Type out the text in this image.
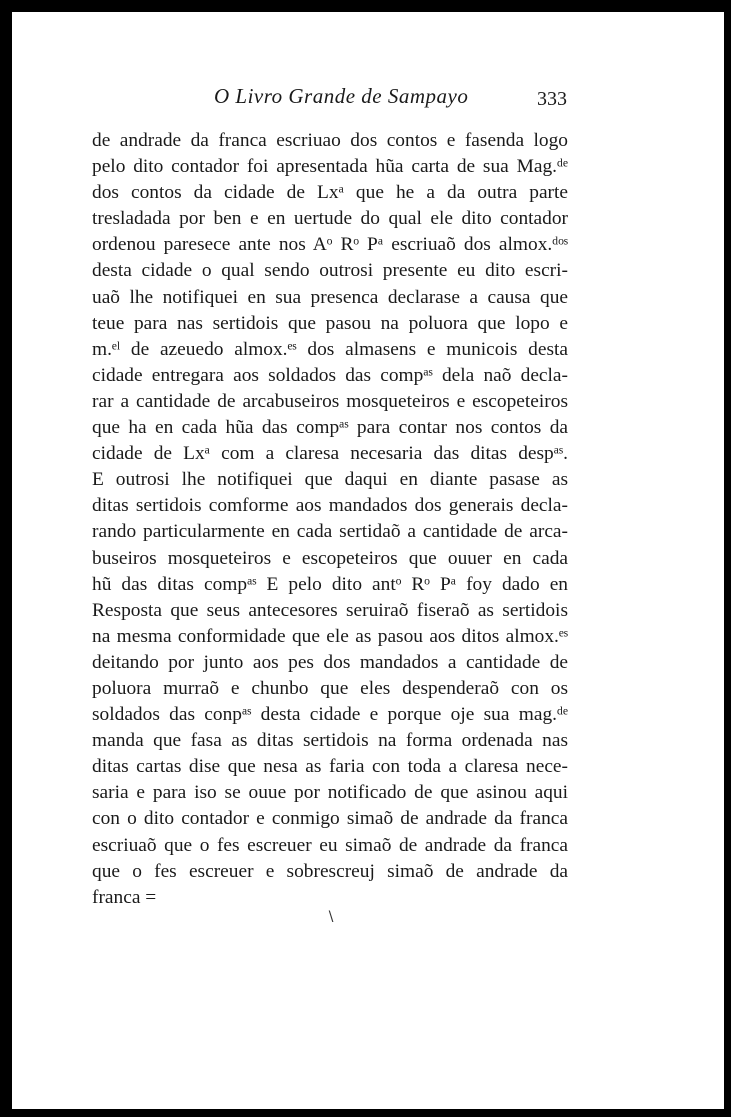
O Livro Grande de Sampayo	333
de andrade da franca escriuao dos contos e fasenda logo
pelo dito contador foi apresentada hũa carta de sua Mag.ᵈᵉ
dos contos da cidade de Lxᵃ que he a da outra parte
tresladada por ben e en uertude do qual ele dito contador
ordenou paresece ante nos Aᵒ Rᵒ Pᵃ escriuaõ dos almox.ᵈᵒˢ
desta cidade o qual sendo outrosi presente eu dito escri-
uaõ lhe notifiquei en sua presenca declarase a causa que
teue para nas sertidois que pasou na poluora que lopo e
m.ᵉˡ de azeuedo almox.ᵉˢ dos almasens e municois desta
cidade entregara aos soldados das compᵃˢ dela naõ decla-
rar a cantidade de arcabuseiros mosqueteiros e escopeteiros
que ha en cada hũa das compᵃˢ para contar nos contos da
cidade de Lxᵃ com a claresa necesaria das ditas despᵃˢ.
E outrosi lhe notifiquei que daqui en diante pasase as
ditas sertidois comforme aos mandados dos generais decla-
rando particularmente en cada sertidaõ a cantidade de arca-
buseiros mosqueteiros e escopeteiros que ouuer en cada
hũ das ditas compᵃˢ E pelo dito antᵒ Rᵒ Pᵃ foy dado en
Resposta que seus antecesores seruiraõ fiseraõ as sertidois
na mesma conformidade que ele as pasou aos ditos almox.ᵉˢ
deitando por junto aos pes dos mandados a cantidade de
poluora murraõ e chunbo que eles despenderaõ con os
soldados das conpᵃˢ desta cidade e porque oje sua mag.ᵈᵉ
manda que fasa as ditas sertidois na forma ordenada nas
ditas cartas dise que nesa as faria con toda a claresa nece-
saria e para iso se ouue por notificado de que asinou aqui
con o dito contador e conmigo simaõ de andrade da franca
escriuaõ que o fes escreuer eu simaõ de andrade da franca
que o fes escreuer e sobrescreuj simaõ de andrade da
franca =
∖
